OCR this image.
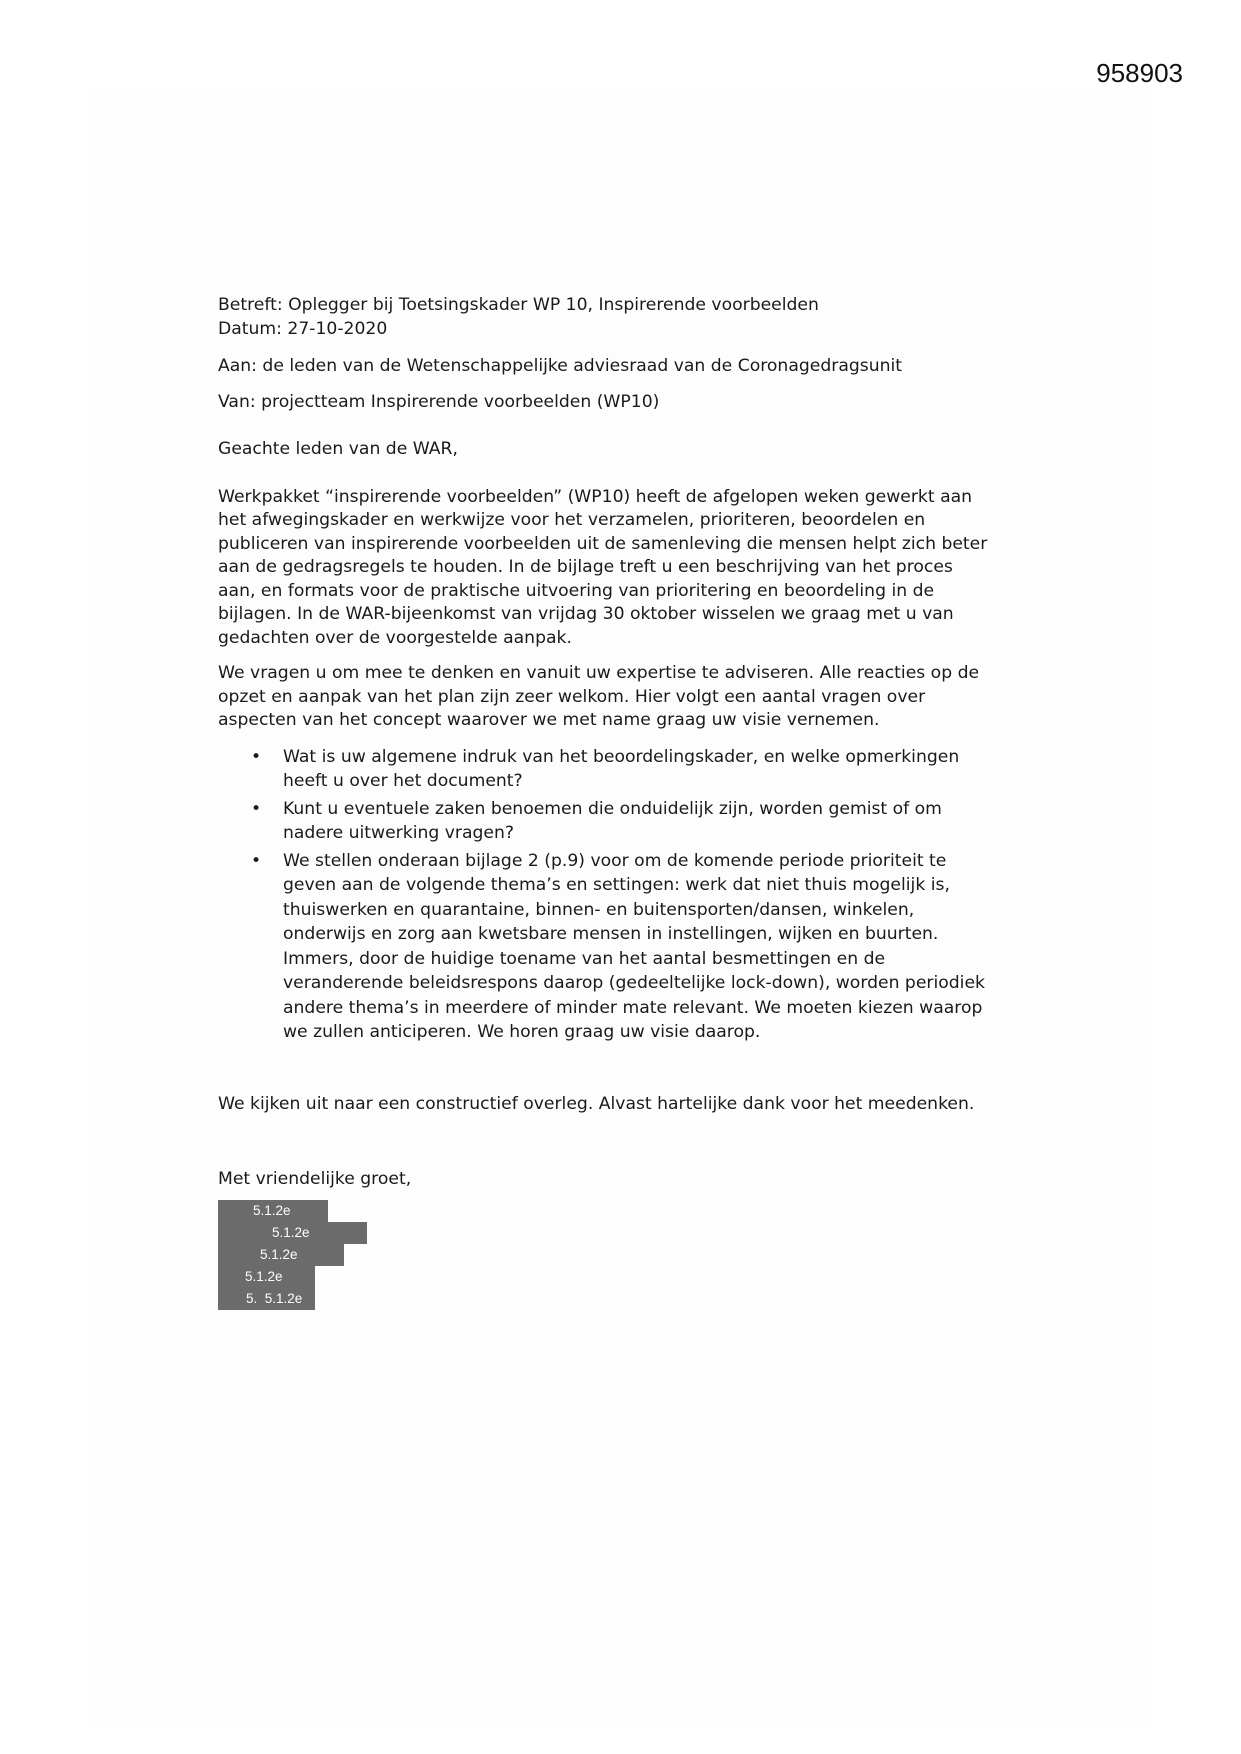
958903
Betreft: Oplegger bij Toetsingskader WP 10, Inspirerende voorbeelden
Datum: 27-10-2020

Aan: de leden van de Wetenschappelijke adviesraad van de Coronagedragsunit

Van: projectteam Inspirerende voorbeelden (WP10)

Geachte leden van de WAR,

Werkpakket “inspirerende voorbeelden” (WP10) heeft de afgelopen weken gewerkt aan
het afwegingskader en werkwijze voor het verzamelen, prioriteren, beoordelen en
publiceren van inspirerende voorbeelden uit de samenleving die mensen helpt zich beter
aan de gedragsregels te houden. In de bijlage treft u een beschrijving van het proces
aan, en formats voor de praktische uitvoering van prioritering en beoordeling in de
bijlagen. In de WAR-bijeenkomst van vrijdag 30 oktober wisselen we graag met u van
gedachten over de voorgestelde aanpak.

We vragen u om mee te denken en vanuit uw expertise te adviseren. Alle reacties op de
opzet en aanpak van het plan zijn zeer welkom. Hier volgt een aantal vragen over
aspecten van het concept waarover we met name graag uw visie vernemen.

• Wat is uw algemene indruk van het beoordelingskader, en welke opmerkingen
heeft u over het document?
• Kunt u eventuele zaken benoemen die onduidelijk zijn, worden gemist of om
nadere uitwerking vragen?
• We stellen onderaan bijlage 2 (p.9) voor om de komende periode prioriteit te
geven aan de volgende thema’s en settingen: werk dat niet thuis mogelijk is,
thuiswerken en quarantaine, binnen- en buitensporten/dansen, winkelen,
onderwijs en zorg aan kwetsbare mensen in instellingen, wijken en buurten.
Immers, door de huidige toename van het aantal besmettingen en de
veranderende beleidsrespons daarop (gedeeltelijke lock-down), worden periodiek
andere thema’s in meerdere of minder mate relevant. We moeten kiezen waarop
we zullen anticiperen. We horen graag uw visie daarop.

We kijken uit naar een constructief overleg. Alvast hartelijke dank voor het meedenken.

Met vriendelijke groet,

5.1.2e
5.1.2e
5.1.2e
5.1.2e
5.  5.1.2e
